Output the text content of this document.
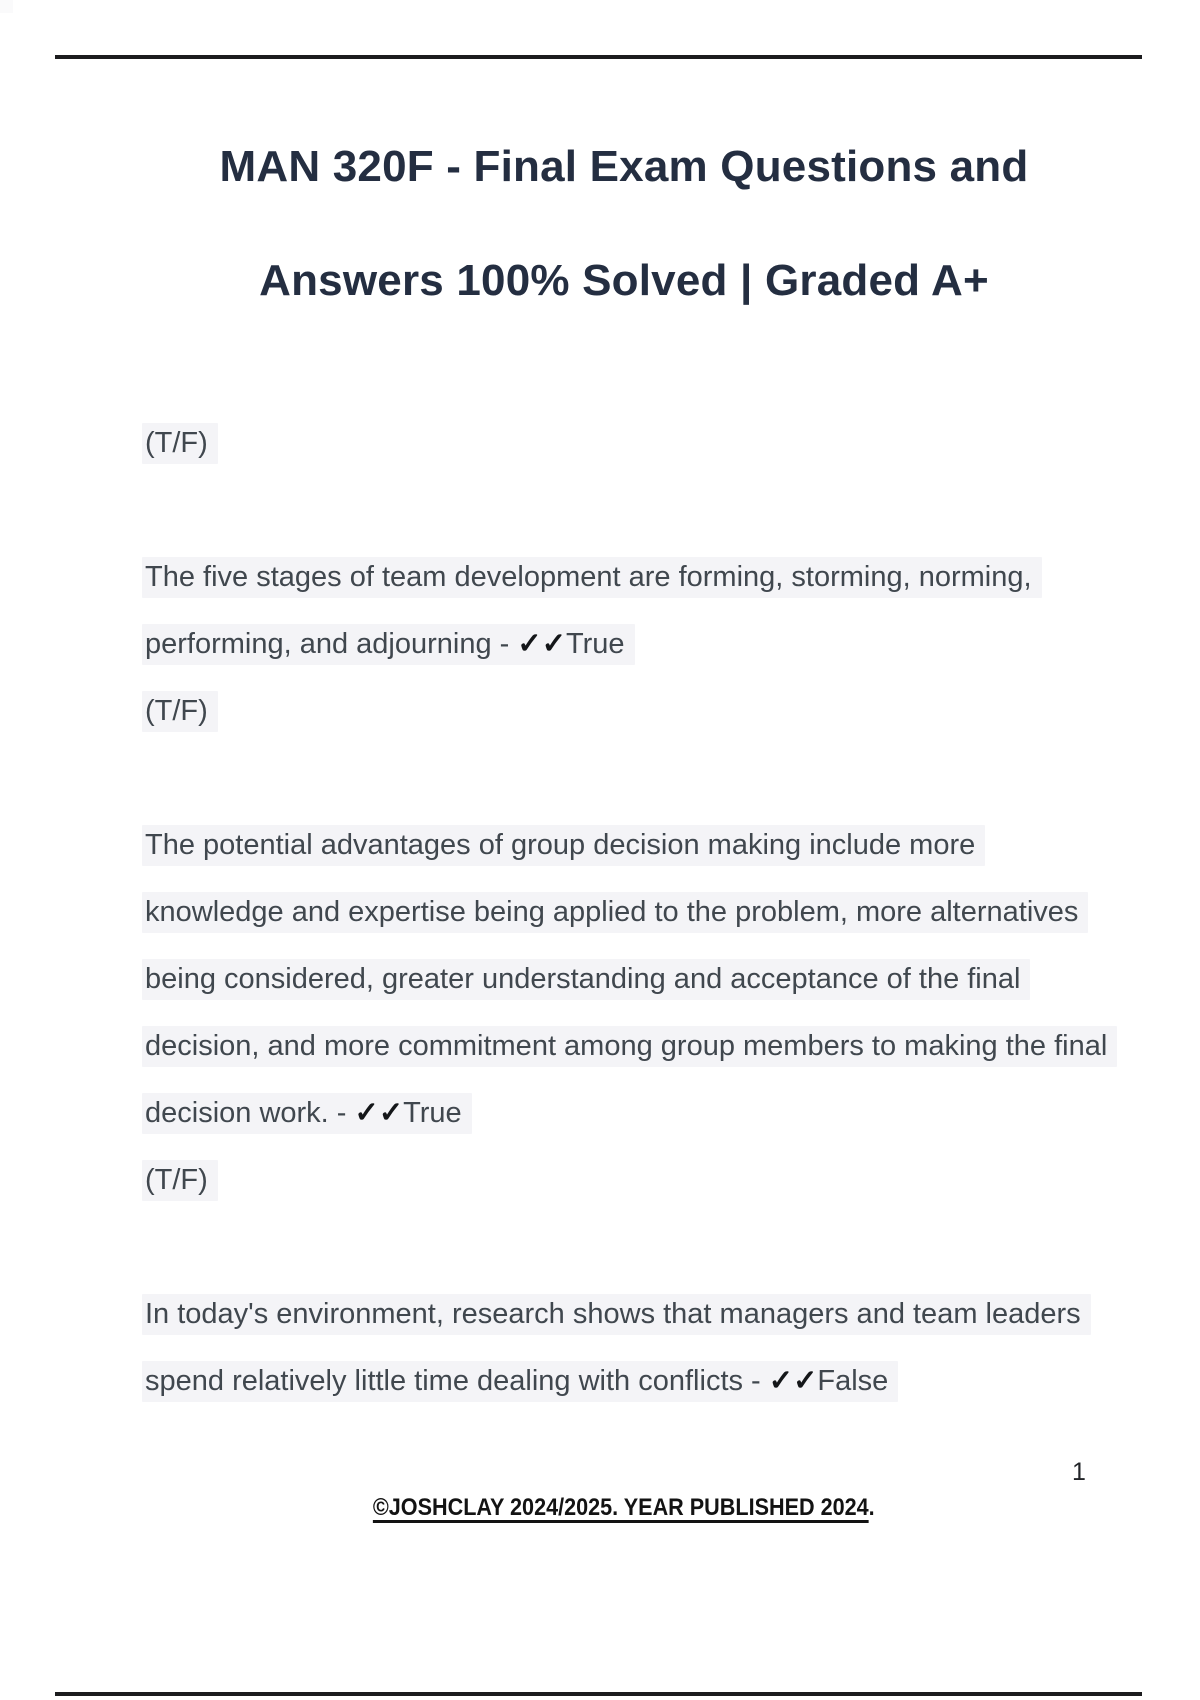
MAN 320F - Final Exam Questions and
Answers 100% Solved | Graded A+
(T/F)
The five stages of team development are forming, storming, norming,
performing, and adjourning - ✓✓True
(T/F)
The potential advantages of group decision making include more
knowledge and expertise being applied to the problem, more alternatives
being considered, greater understanding and acceptance of the final
decision, and more commitment among group members to making the final
decision work. - ✓✓True
(T/F)
In today's environment, research shows that managers and team leaders
spend relatively little time dealing with conflicts - ✓✓False
©JOSHCLAY 2024/2025. YEAR PUBLISHED 2024.
1
